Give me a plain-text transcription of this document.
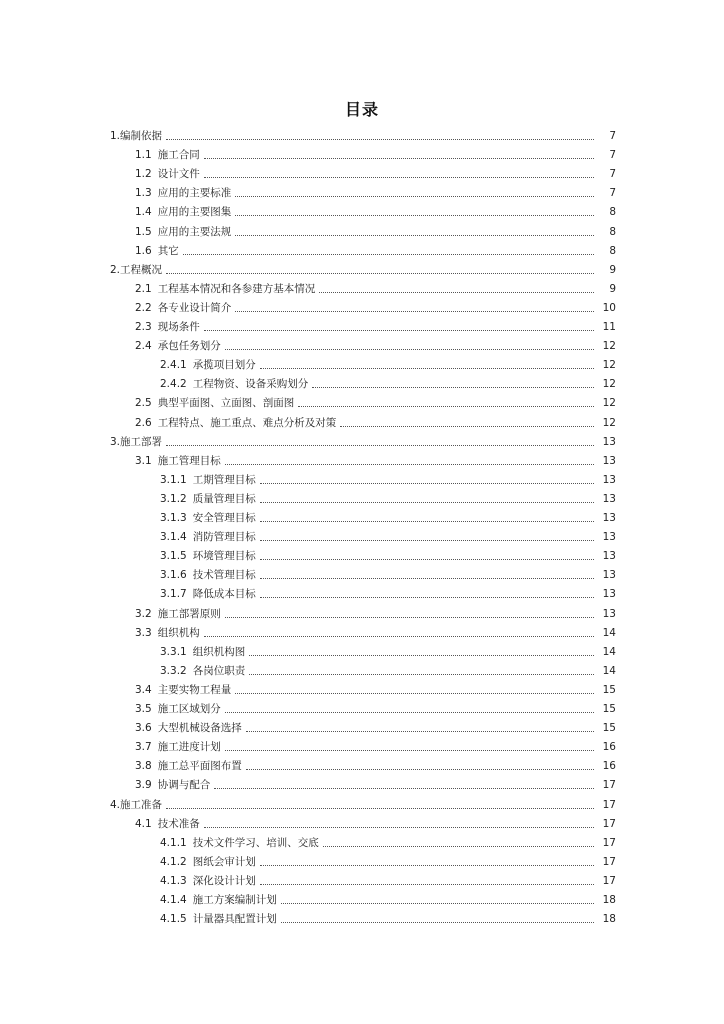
目录
1. 编制依据	7
1.1 施工合同	7
1.2 设计文件	7
1.3 应用的主要标准	7
1.4 应用的主要图集	8
1.5 应用的主要法规	8
1.6 其它	8
2. 工程概况	9
2.1 工程基本情况和各参建方基本情况	9
2.2 各专业设计简介	10
2.3 现场条件	11
2.4 承包任务划分	12
2.4.1 承揽项目划分	12
2.4.2 工程物资、设备采购划分	12
2.5 典型平面图、立面图、剖面图	12
2.6 工程特点、施工重点、难点分析及对策	12
3. 施工部署	13
3.1 施工管理目标	13
3.1.1 工期管理目标	13
3.1.2 质量管理目标	13
3.1.3 安全管理目标	13
3.1.4 消防管理目标	13
3.1.5 环境管理目标	13
3.1.6 技术管理目标	13
3.1.7 降低成本目标	13
3.2 施工部署原则	13
3.3 组织机构	14
3.3.1 组织机构图	14
3.3.2 各岗位职责	14
3.4 主要实物工程量	15
3.5 施工区域划分	15
3.6 大型机械设备选择	15
3.7 施工进度计划	16
3.8 施工总平面图布置	16
3.9 协调与配合	17
4. 施工准备	17
4.1 技术准备	17
4.1.1 技术文件学习、培训、交底	17
4.1.2 图纸会审计划	17
4.1.3 深化设计计划	17
4.1.4 施工方案编制计划	18
4.1.5 计量器具配置计划	18
